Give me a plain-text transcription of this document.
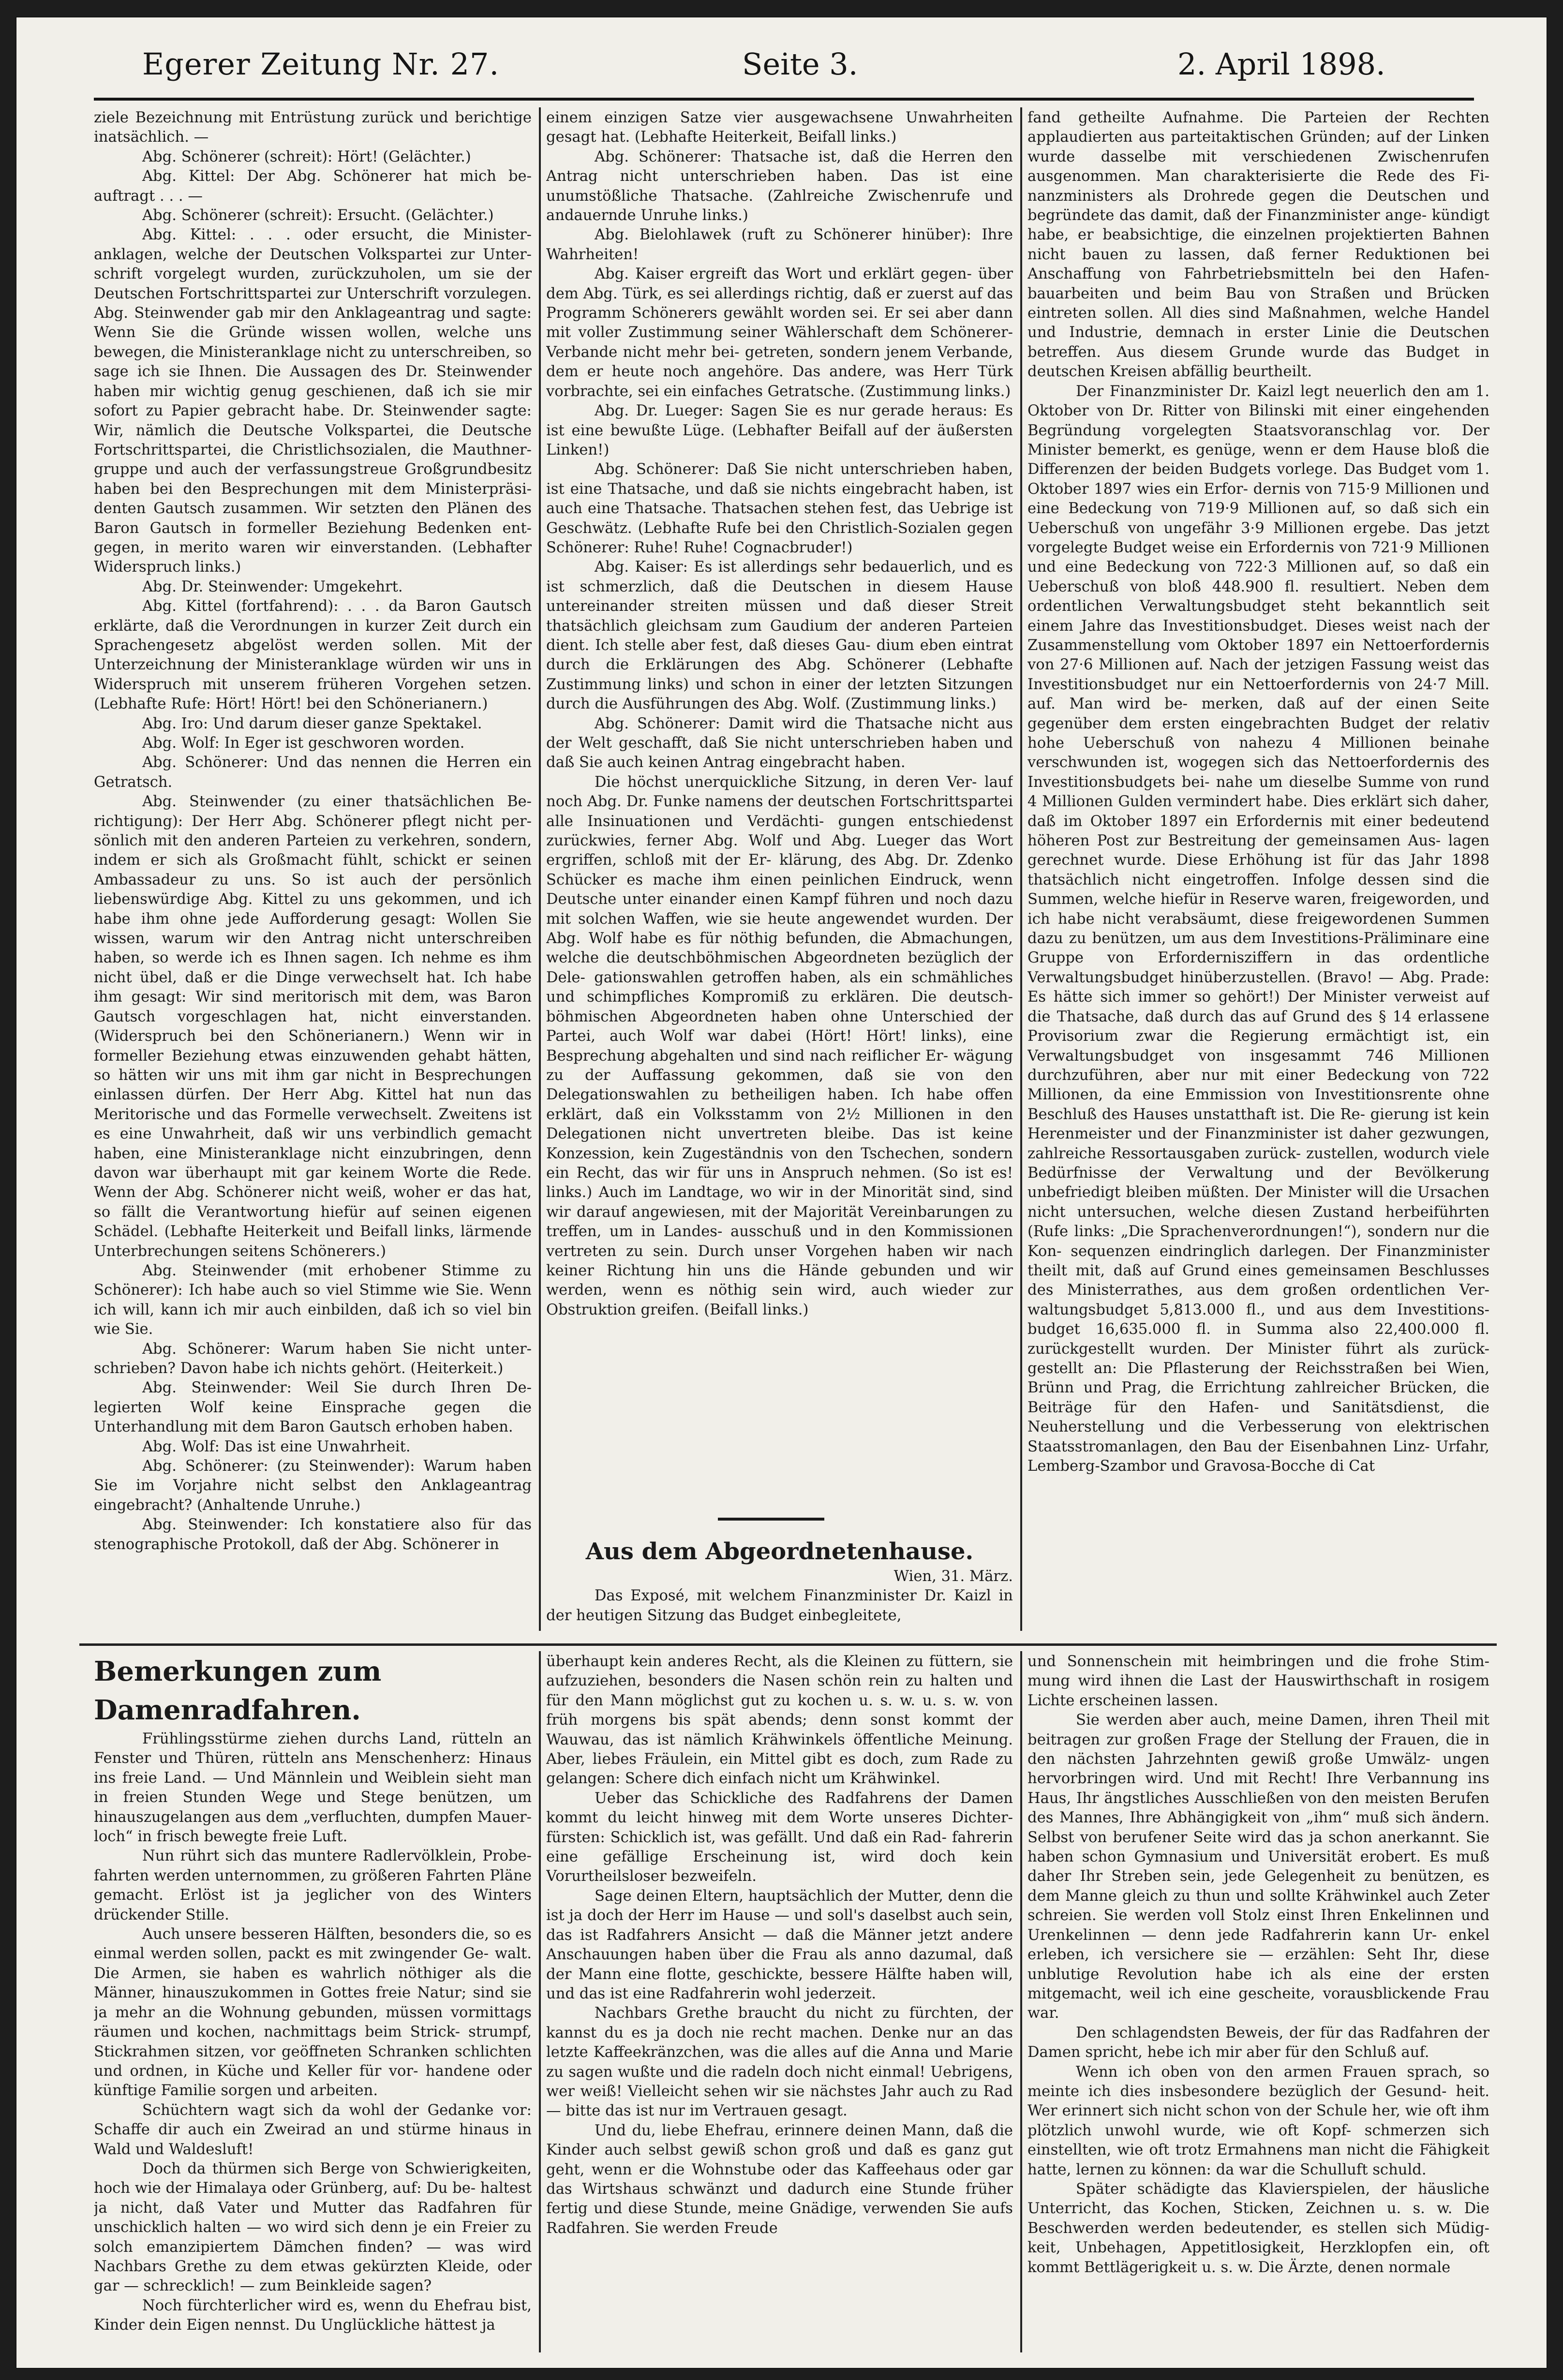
Egerer Zeitung Nr. 27.	Seite 3.	2. April 1898.

ziele Bezeichnung mit Entrüstung zurück und berichtige inatsächlich. —

Abg. Schönerer (schreit): Hört! (Gelächter.)

Abg. Kittel: Der Abg. Schönerer hat mich be- auftragt . . . —

Abg. Schönerer (schreit): Ersucht. (Gelächter.)

Abg. Kittel: . . . oder ersucht, die Minister- anklagen, welche der Deutschen Volkspartei zur Unter- schrift vorgelegt wurden, zurückzuholen, um sie der Deutschen Fortschrittspartei zur Unterschrift vorzulegen. Abg. Steinwender gab mir den Anklageantrag und sagte: Wenn Sie die Gründe wissen wollen, welche uns bewegen, die Ministeranklage nicht zu unterschreiben, so sage ich sie Ihnen. Die Aussagen des Dr. Steinwender haben mir wichtig genug geschienen, daß ich sie mir sofort zu Papier gebracht habe. Dr. Steinwender sagte: Wir, nämlich die Deutsche Volkspartei, die Deutsche Fortschrittspartei, die Christlichsozialen, die Mauthner- gruppe und auch der verfassungstreue Großgrundbesitz haben bei den Besprechungen mit dem Ministerpräsi- denten Gautsch zusammen. Wir setzten den Plänen des Baron Gautsch in formeller Beziehung Bedenken ent- gegen, in merito waren wir einverstanden. (Lebhafter Widerspruch links.)

Abg. Dr. Steinwender: Umgekehrt.

Abg. Kittel (fortfahrend): . . . da Baron Gautsch erklärte, daß die Verordnungen in kurzer Zeit durch ein Sprachengesetz abgelöst werden sollen. Mit der Unterzeichnung der Ministeranklage würden wir uns in Widerspruch mit unserem früheren Vorgehen setzen. (Lebhafte Rufe: Hört! Hört! bei den Schönerianern.)

Abg. Iro: Und darum dieser ganze Spektakel.

Abg. Wolf: In Eger ist geschworen worden.

Abg. Schönerer: Und das nennen die Herren ein Getratsch.

Abg. Steinwender (zu einer thatsächlichen Be- richtigung): Der Herr Abg. Schönerer pflegt nicht per- sönlich mit den anderen Parteien zu verkehren, sondern, indem er sich als Großmacht fühlt, schickt er seinen Ambassadeur zu uns. So ist auch der persönlich liebenswürdige Abg. Kittel zu uns gekommen, und ich habe ihm ohne jede Aufforderung gesagt: Wollen Sie wissen, warum wir den Antrag nicht unterschreiben haben, so werde ich es Ihnen sagen. Ich nehme es ihm nicht übel, daß er die Dinge verwechselt hat. Ich habe ihm gesagt: Wir sind meritorisch mit dem, was Baron Gautsch vorgeschlagen hat, nicht einverstanden. (Widerspruch bei den Schönerianern.) Wenn wir in formeller Beziehung etwas einzuwenden gehabt hätten, so hätten wir uns mit ihm gar nicht in Besprechungen einlassen dürfen. Der Herr Abg. Kittel hat nun das Meritorische und das Formelle verwechselt. Zweitens ist es eine Unwahrheit, daß wir uns verbindlich gemacht haben, eine Ministeranklage nicht einzubringen, denn davon war überhaupt mit gar keinem Worte die Rede. Wenn der Abg. Schönerer nicht weiß, woher er das hat, so fällt die Verantwortung hiefür auf seinen eigenen Schädel. (Lebhafte Heiterkeit und Beifall links, lärmende Unterbrechungen seitens Schönerers.)

Abg. Steinwender (mit erhobener Stimme zu Schönerer): Ich habe auch so viel Stimme wie Sie. Wenn ich will, kann ich mir auch einbilden, daß ich so viel bin wie Sie.

Abg. Schönerer: Warum haben Sie nicht unter- schrieben? Davon habe ich nichts gehört. (Heiterkeit.)

Abg. Steinwender: Weil Sie durch Ihren De- legierten Wolf keine Einsprache gegen die Unterhandlung mit dem Baron Gautsch erhoben haben.

Abg. Wolf: Das ist eine Unwahrheit.

Abg. Schönerer: (zu Steinwender): Warum haben Sie im Vorjahre nicht selbst den Anklageantrag eingebracht? (Anhaltende Unruhe.)

Abg. Steinwender: Ich konstatiere also für das stenographische Protokoll, daß der Abg. Schönerer in

einem einzigen Satze vier ausgewachsene Unwahrheiten gesagt hat. (Lebhafte Heiterkeit, Beifall links.)

Abg. Schönerer: Thatsache ist, daß die Herren den Antrag nicht unterschrieben haben. Das ist eine unumstößliche Thatsache. (Zahlreiche Zwischenrufe und andauernde Unruhe links.)

Abg. Bielohlawek (ruft zu Schönerer hinüber): Ihre Wahrheiten!

Abg. Kaiser ergreift das Wort und erklärt gegen- über dem Abg. Türk, es sei allerdings richtig, daß er zuerst auf das Programm Schönerers gewählt worden sei. Er sei aber dann mit voller Zustimmung seiner Wählerschaft dem Schönerer-Verbande nicht mehr bei- getreten, sondern jenem Verbande, dem er heute noch angehöre. Das andere, was Herr Türk vorbrachte, sei ein einfaches Getratsche. (Zustimmung links.)

Abg. Dr. Lueger: Sagen Sie es nur gerade heraus: Es ist eine bewußte Lüge. (Lebhafter Beifall auf der äußersten Linken!)

Abg. Schönerer: Daß Sie nicht unterschrieben haben, ist eine Thatsache, und daß sie nichts eingebracht haben, ist auch eine Thatsache. Thatsachen stehen fest, das Uebrige ist Geschwätz. (Lebhafte Rufe bei den Christlich-Sozialen gegen Schönerer: Ruhe! Ruhe! Cognacbruder!)

Abg. Kaiser: Es ist allerdings sehr bedauerlich, und es ist schmerzlich, daß die Deutschen in diesem Hause untereinander streiten müssen und daß dieser Streit thatsächlich gleichsam zum Gaudium der anderen Parteien dient. Ich stelle aber fest, daß dieses Gau- dium eben eintrat durch die Erklärungen des Abg. Schönerer (Lebhafte Zustimmung links) und schon in einer der letzten Sitzungen durch die Ausführungen des Abg. Wolf. (Zustimmung links.)

Abg. Schönerer: Damit wird die Thatsache nicht aus der Welt geschafft, daß Sie nicht unterschrieben haben und daß Sie auch keinen Antrag eingebracht haben.

Die höchst unerquickliche Sitzung, in deren Ver- lauf noch Abg. Dr. Funke namens der deutschen Fortschrittspartei alle Insinuationen und Verdächti- gungen entschiedenst zurückwies, ferner Abg. Wolf und Abg. Lueger das Wort ergriffen, schloß mit der Er- klärung, des Abg. Dr. Zdenko Schücker es mache ihm einen peinlichen Eindruck, wenn Deutsche unter einander einen Kampf führen und noch dazu mit solchen Waffen, wie sie heute angewendet wurden. Der Abg. Wolf habe es für nöthig befunden, die Abmachungen, welche die deutschböhmischen Abgeordneten bezüglich der Dele- gationswahlen getroffen haben, als ein schmähliches und schimpfliches Kompromiß zu erklären. Die deutsch- böhmischen Abgeordneten haben ohne Unterschied der Partei, auch Wolf war dabei (Hört! Hört! links), eine Besprechung abgehalten und sind nach reiflicher Er- wägung zu der Auffassung gekommen, daß sie von den Delegationswahlen zu betheiligen haben. Ich habe offen erklärt, daß ein Volksstamm von 2½ Millionen in den Delegationen nicht unvertreten bleibe. Das ist keine Konzession, kein Zugeständnis von den Tschechen, sondern ein Recht, das wir für uns in Anspruch nehmen. (So ist es! links.) Auch im Landtage, wo wir in der Minorität sind, sind wir darauf angewiesen, mit der Majorität Vereinbarungen zu treffen, um in Landes- ausschuß und in den Kommissionen vertreten zu sein. Durch unser Vorgehen haben wir nach keiner Richtung hin uns die Hände gebunden und wir werden, wenn es nöthig sein wird, auch wieder zur Obstruktion greifen. (Beifall links.)

Aus dem Abgeordnetenhause.

Wien, 31. März.

Das Exposé, mit welchem Finanzminister Dr. Kaizl in der heutigen Sitzung das Budget einbegleitete,

fand getheilte Aufnahme. Die Parteien der Rechten applaudierten aus parteitaktischen Gründen; auf der Linken wurde dasselbe mit verschiedenen Zwischenrufen ausgenommen. Man charakterisierte die Rede des Fi- nanzministers als Drohrede gegen die Deutschen und begründete das damit, daß der Finanzminister ange- kündigt habe, er beabsichtige, die einzelnen projektierten Bahnen nicht bauen zu lassen, daß ferner Reduktionen bei Anschaffung von Fahrbetriebsmitteln bei den Hafen- bauarbeiten und beim Bau von Straßen und Brücken eintreten sollen. All dies sind Maßnahmen, welche Handel und Industrie, demnach in erster Linie die Deutschen betreffen. Aus diesem Grunde wurde das Budget in deutschen Kreisen abfällig beurtheilt.

Der Finanzminister Dr. Kaizl legt neuerlich den am 1. Oktober von Dr. Ritter von Bilinski mit einer eingehenden Begründung vorgelegten Staatsvoranschlag vor. Der Minister bemerkt, es genüge, wenn er dem Hause bloß die Differenzen der beiden Budgets vorlege. Das Budget vom 1. Oktober 1897 wies ein Erfor- dernis von 715·9 Millionen und eine Bedeckung von 719·9 Millionen auf, so daß sich ein Ueberschuß von ungefähr 3·9 Millionen ergebe. Das jetzt vorgelegte Budget weise ein Erfordernis von 721·9 Millionen und eine Bedeckung von 722·3 Millionen auf, so daß ein Ueberschuß von bloß 448.900 fl. resultiert. Neben dem ordentlichen Verwaltungsbudget steht bekanntlich seit einem Jahre das Investitionsbudget. Dieses weist nach der Zusammenstellung vom Oktober 1897 ein Nettoerfordernis von 27·6 Millionen auf. Nach der jetzigen Fassung weist das Investitionsbudget nur ein Nettoerfordernis von 24·7 Mill. auf. Man wird be- merken, daß auf der einen Seite gegenüber dem ersten eingebrachten Budget der relativ hohe Ueberschuß von nahezu 4 Millionen beinahe verschwunden ist, wogegen sich das Nettoerfordernis des Investitionsbudgets bei- nahe um dieselbe Summe von rund 4 Millionen Gulden vermindert habe. Dies erklärt sich daher, daß im Oktober 1897 ein Erfordernis mit einer bedeutend höheren Post zur Bestreitung der gemeinsamen Aus- lagen gerechnet wurde. Diese Erhöhung ist für das Jahr 1898 thatsächlich nicht eingetroffen. Infolge dessen sind die Summen, welche hiefür in Reserve waren, freigeworden, und ich habe nicht verabsäumt, diese freigewordenen Summen dazu zu benützen, um aus dem Investitions-Präliminare eine Gruppe von Erfordernisziffern in das ordentliche Verwaltungsbudget hinüberzustellen. (Bravo! — Abg. Prade: Es hätte sich immer so gehört!) Der Minister verweist auf die Thatsache, daß durch das auf Grund des § 14 erlassene Provisorium zwar die Regierung ermächtigt ist, ein Verwaltungsbudget von insgesammt 746 Millionen durchzuführen, aber nur mit einer Bedeckung von 722 Millionen, da eine Emmission von Investitionsrente ohne Beschluß des Hauses unstatthaft ist. Die Re- gierung ist kein Herenmeister und der Finanzminister ist daher gezwungen, zahlreiche Ressortausgaben zurück- zustellen, wodurch viele Bedürfnisse der Verwaltung und der Bevölkerung unbefriedigt bleiben müßten. Der Minister will die Ursachen nicht untersuchen, welche diesen Zustand herbeiführten (Rufe links: „Die Sprachenverordnungen!“), sondern nur die Kon- sequenzen eindringlich darlegen. Der Finanzminister theilt mit, daß auf Grund eines gemeinsamen Beschlusses des Ministerrathes, aus dem großen ordentlichen Ver- waltungsbudget 5,813.000 fl., und aus dem Investitions- budget 16,635.000 fl. in Summa also 22,400.000 fl. zurückgestellt wurden. Der Minister führt als zurück- gestellt an: Die Pflasterung der Reichsstraßen bei Wien, Brünn und Prag, die Errichtung zahlreicher Brücken, die Beiträge für den Hafen- und Sanitätsdienst, die Neuherstellung und die Verbesserung von elektrischen Staatsstromanlagen, den Bau der Eisenbahnen Linz- Urfahr, Lemberg-Szambor und Gravosa-Bocche di Cat

Bemerkungen zum Damenradfahren.

Frühlingsstürme ziehen durchs Land, rütteln an Fenster und Thüren, rütteln ans Menschenherz: Hinaus ins freie Land. — Und Männlein und Weiblein sieht man in freien Stunden Wege und Stege benützen, um hinauszugelangen aus dem „verfluchten, dumpfen Mauer- loch“ in frisch bewegte freie Luft.

Nun rührt sich das muntere Radlervölklein, Probe- fahrten werden unternommen, zu größeren Fahrten Pläne gemacht. Erlöst ist ja jeglicher von des Winters drückender Stille.

Auch unsere besseren Hälften, besonders die, so es einmal werden sollen, packt es mit zwingender Ge- walt. Die Armen, sie haben es wahrlich nöthiger als die Männer, hinauszukommen in Gottes freie Natur; sind sie ja mehr an die Wohnung gebunden, müssen vormittags räumen und kochen, nachmittags beim Strick- strumpf, Stickrahmen sitzen, vor geöffneten Schranken schlichten und ordnen, in Küche und Keller für vor- handene oder künftige Familie sorgen und arbeiten.

Schüchtern wagt sich da wohl der Gedanke vor: Schaffe dir auch ein Zweirad an und stürme hinaus in Wald und Waldesluft!

Doch da thürmen sich Berge von Schwierigkeiten, hoch wie der Himalaya oder Grünberg, auf: Du be- haltest ja nicht, daß Vater und Mutter das Radfahren für unschicklich halten — wo wird sich denn je ein Freier zu solch emanzipiertem Dämchen finden? — was wird Nachbars Grethe zu dem etwas gekürzten Kleide, oder gar — schrecklich! — zum Beinkleide sagen?

Noch fürchterlicher wird es, wenn du Ehefrau bist, Kinder dein Eigen nennst. Du Unglückliche hättest ja

überhaupt kein anderes Recht, als die Kleinen zu füttern, sie aufzuziehen, besonders die Nasen schön rein zu halten und für den Mann möglichst gut zu kochen u. s. w. u. s. w. von früh morgens bis spät abends; denn sonst kommt der Wauwau, das ist nämlich Krähwinkels öffentliche Meinung. Aber, liebes Fräulein, ein Mittel gibt es doch, zum Rade zu gelangen: Schere dich einfach nicht um Krähwinkel.

Ueber das Schickliche des Radfahrens der Damen kommt du leicht hinweg mit dem Worte unseres Dichter- fürsten: Schicklich ist, was gefällt. Und daß ein Rad- fahrerin eine gefällige Erscheinung ist, wird doch kein Vorurtheilsloser bezweifeln.

Sage deinen Eltern, hauptsächlich der Mutter, denn die ist ja doch der Herr im Hause — und soll's daselbst auch sein, das ist Radfahrers Ansicht — daß die Männer jetzt andere Anschauungen haben über die Frau als anno dazumal, daß der Mann eine flotte, geschickte, bessere Hälfte haben will, und das ist eine Radfahrerin wohl jederzeit.

Nachbars Grethe braucht du nicht zu fürchten, der kannst du es ja doch nie recht machen. Denke nur an das letzte Kaffeekränzchen, was die alles auf die Anna und Marie zu sagen wußte und die radeln doch nicht einmal! Uebrigens, wer weiß! Vielleicht sehen wir sie nächstes Jahr auch zu Rad — bitte das ist nur im Vertrauen gesagt.

Und du, liebe Ehefrau, erinnere deinen Mann, daß die Kinder auch selbst gewiß schon groß und daß es ganz gut geht, wenn er die Wohnstube oder das Kaffeehaus oder gar das Wirtshaus schwänzt und dadurch eine Stunde früher fertig und diese Stunde, meine Gnädige, verwenden Sie aufs Radfahren. Sie werden Freude

und Sonnenschein mit heimbringen und die frohe Stim- mung wird ihnen die Last der Hauswirthschaft in rosigem Lichte erscheinen lassen.

Sie werden aber auch, meine Damen, ihren Theil mit beitragen zur großen Frage der Stellung der Frauen, die in den nächsten Jahrzehnten gewiß große Umwälz- ungen hervorbringen wird. Und mit Recht! Ihre Verbannung ins Haus, Ihr ängstliches Ausschließen von den meisten Berufen des Mannes, Ihre Abhängigkeit von „ihm“ muß sich ändern. Selbst von berufener Seite wird das ja schon anerkannt. Sie haben schon Gymnasium und Universität erobert. Es muß daher Ihr Streben sein, jede Gelegenheit zu benützen, es dem Manne gleich zu thun und sollte Krähwinkel auch Zeter schreien. Sie werden voll Stolz einst Ihren Enkelinnen und Urenkelinnen — denn jede Radfahrerin kann Ur- enkel erleben, ich versichere sie — erzählen: Seht Ihr, diese unblutige Revolution habe ich als eine der ersten mitgemacht, weil ich eine gescheite, vorausblickende Frau war.

Den schlagendsten Beweis, der für das Radfahren der Damen spricht, hebe ich mir aber für den Schluß auf.

Wenn ich oben von den armen Frauen sprach, so meinte ich dies insbesondere bezüglich der Gesund- heit. Wer erinnert sich nicht schon von der Schule her, wie oft ihm plötzlich unwohl wurde, wie oft Kopf- schmerzen sich einstellten, wie oft trotz Ermahnens man nicht die Fähigkeit hatte, lernen zu können: da war die Schulluft schuld.

Später schädigte das Klavierspielen, der häusliche Unterricht, das Kochen, Sticken, Zeichnen u. s. w. Die Beschwerden werden bedeutender, es stellen sich Müdig- keit, Unbehagen, Appetitlosigkeit, Herzklopfen ein, oft kommt Bettlägerigkeit u. s. w. Die Ärzte, denen normale
